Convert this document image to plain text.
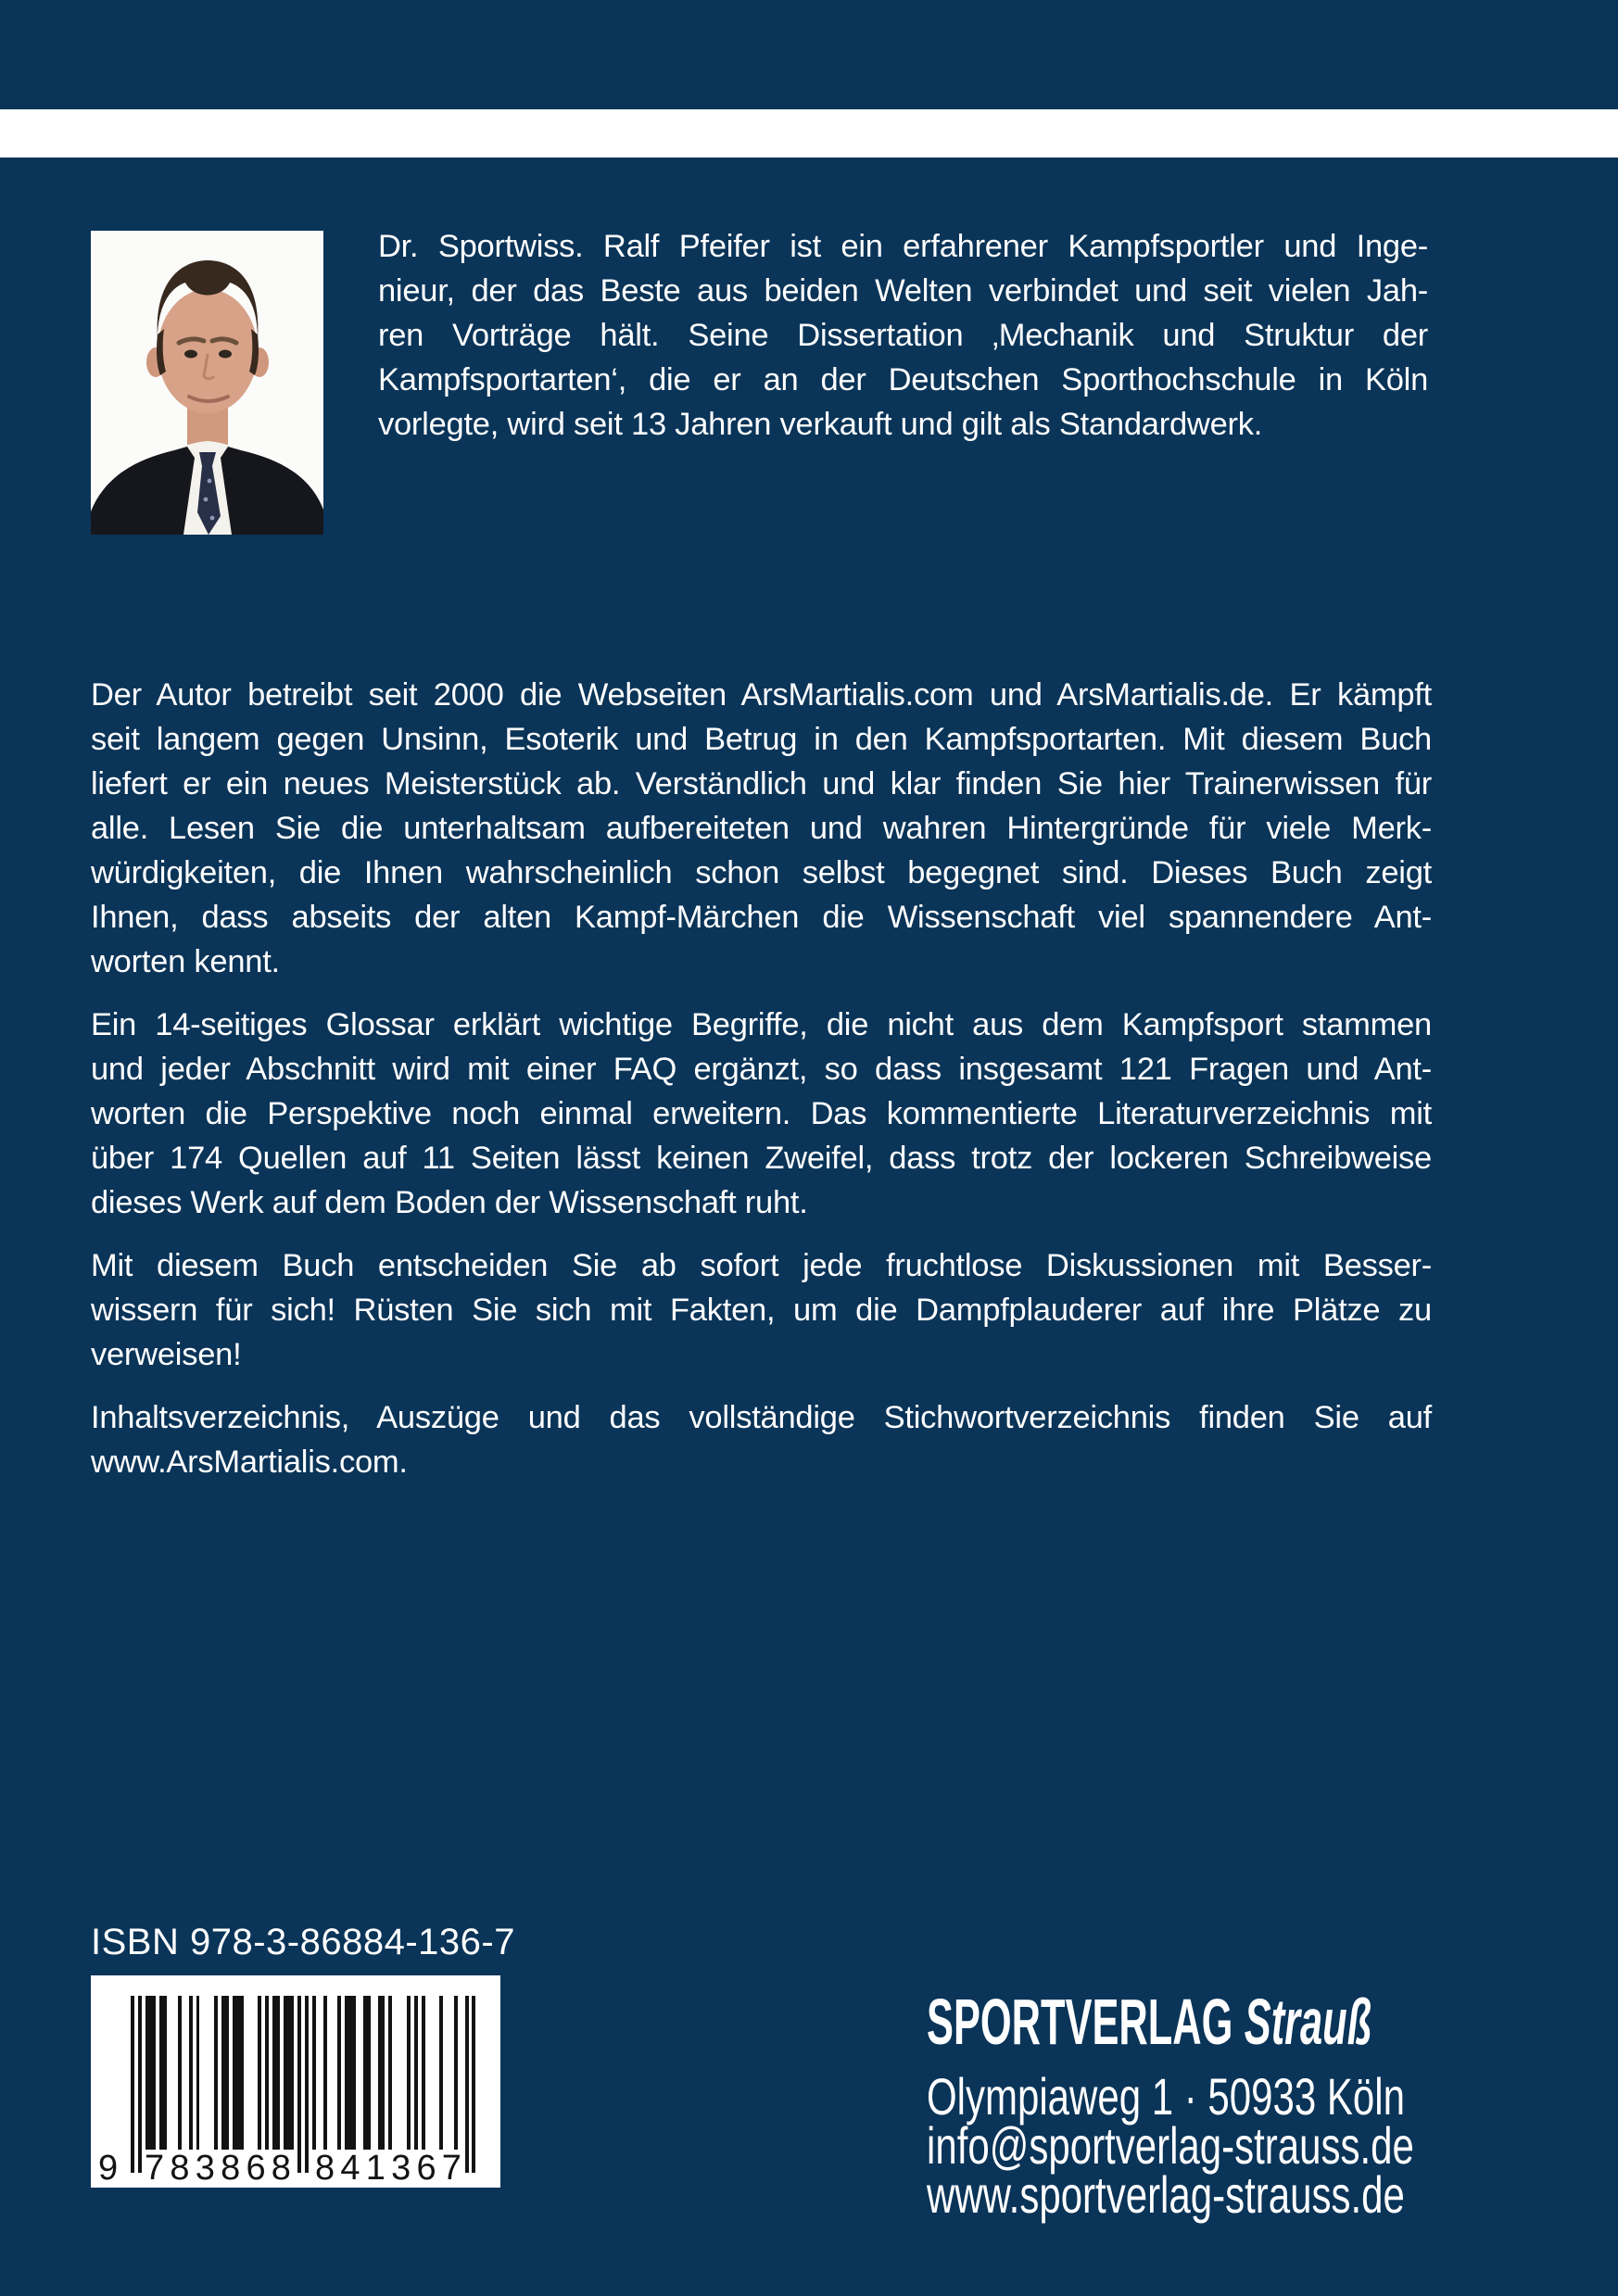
Dr. Sportwiss. Ralf Pfeifer ist ein erfahrener Kampfsportler und Inge-
nieur, der das Beste aus beiden Welten verbindet und seit vielen Jah-
ren Vorträge hält. Seine Dissertation ‚Mechanik und Struktur der
Kampfsportarten‘, die er an der Deutschen Sporthochschule in Köln
vorlegte, wird seit 13 Jahren verkauft und gilt als Standardwerk.
Der Autor betreibt seit 2000 die Webseiten ArsMartialis.com und ArsMartialis.de. Er kämpft
seit langem gegen Unsinn, Esoterik und Betrug in den Kampfsportarten. Mit diesem Buch
liefert er ein neues Meisterstück ab. Verständlich und klar finden Sie hier Trainerwissen für
alle. Lesen Sie die unterhaltsam aufbereiteten und wahren Hintergründe für viele Merk-
würdigkeiten, die Ihnen wahrscheinlich schon selbst begegnet sind. Dieses Buch zeigt
Ihnen, dass abseits der alten Kampf-Märchen die Wissenschaft viel spannendere Ant-
worten kennt.
Ein 14-seitiges Glossar erklärt wichtige Begriffe, die nicht aus dem Kampfsport stammen
und jeder Abschnitt wird mit einer FAQ ergänzt, so dass insgesamt 121 Fragen und Ant-
worten die Perspektive noch einmal erweitern. Das kommentierte Literaturverzeichnis mit
über 174 Quellen auf 11 Seiten lässt keinen Zweifel, dass trotz der lockeren Schreibweise
dieses Werk auf dem Boden der Wissenschaft ruht.
Mit diesem Buch entscheiden Sie ab sofort jede fruchtlose Diskussionen mit Besser-
wissern für sich! Rüsten Sie sich mit Fakten, um die Dampfplauderer auf ihre Plätze zu
verweisen!
Inhaltsverzeichnis, Auszüge und das vollständige Stichwortverzeichnis finden Sie auf
www.ArsMartialis.com.
ISBN 978-3-86884-136-7
9 7 8 3 8 6 8 8 4 1 3 6 7
SPORTVERLAG Strauß
Olympiaweg 1 · 50933 Köln
info@sportverlag-strauss.de
www.sportverlag-strauss.de
